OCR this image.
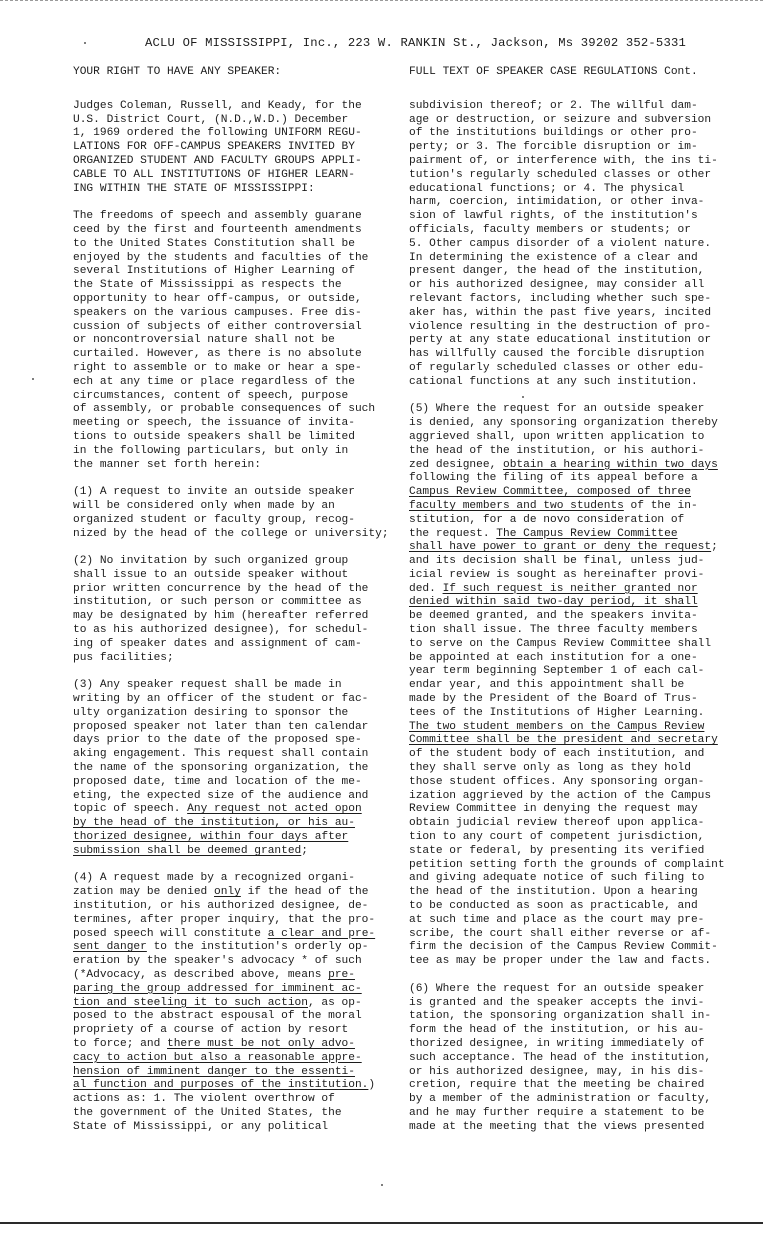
ACLU OF MISSISSIPPI, Inc., 223 W. RANKIN St., Jackson, Ms 39202 352-5331
YOUR RIGHT TO HAVE ANY SPEAKER:
Judges Coleman, Russell, and Keady, for the
U.S. District Court, (N.D.,W.D.) December
1, 1969 ordered the following UNIFORM REGU-
LATIONS FOR OFF-CAMPUS SPEAKERS INVITED BY
ORGANIZED STUDENT AND FACULTY GROUPS APPLI-
CABLE TO ALL INSTITUTIONS OF HIGHER LEARN-
ING WITHIN THE STATE OF MISSISSIPPI:
The freedoms of speech and assembly guarane
ceed by the first and fourteenth amendments
to the United States Constitution shall be
enjoyed by the students and faculties of the
several Institutions of Higher Learning of
the State of Mississippi as respects the
opportunity to hear off-campus, or outside,
speakers on the various campuses. Free dis-
cussion of subjects of either controversial
or noncontroversial nature shall not be
curtailed. However, as there is no absolute
right to assemble or to make or hear a spe-
ech at any time or place regardless of the
circumstances, content of speech, purpose
of assembly, or probable consequences of such
meeting or speech, the issuance of invita-
tions to outside speakers shall be limited
in the following particulars, but only in
the manner set forth herein:
(1) A request to invite an outside speaker
will be considered only when made by an
organized student or faculty group, recog-
nized by the head of the college or university;
(2) No invitation by such organized group
shall issue to an outside speaker without
prior written concurrence by the head of the
institution, or such person or committee as
may be designated by him (hereafter referred
to as his authorized designee), for schedul-
ing of speaker dates and assignment of cam-
pus facilities;
(3) Any speaker request shall be made in
writing by an officer of the student or fac-
ulty organization desiring to sponsor the
proposed speaker not later than ten calendar
days prior to the date of the proposed spe-
aking engagement. This request shall contain
the name of the sponsoring organization, the
proposed date, time and location of the me-
eting, the expected size of the audience and
topic of speech. Any request not acted opon
by the head of the institution, or his au-
thorized designee, within four days after
submission shall be deemed granted;
(4) A request made by a recognized organi-
zation may be denied only if the head of the
institution, or his authorized designee, de-
termines, after proper inquiry, that the pro-
posed speech will constitute a clear and pre-
sent danger to the institution's orderly op-
eration by the speaker's advocacy * of such
(*Advocacy, as described above, means pre-
paring the group addressed for imminent ac-
tion and steeling it to such action, as op-
posed to the abstract espousal of the moral
propriety of a course of action by resort
to force; and there must be not only advo-
cacy to action but also a reasonable appre-
hension of imminent danger to the essenti-
al function and purposes of the institution.)
actions as: 1. The violent overthrow of
the government of the United States, the
State of Mississippi, or any political
FULL TEXT OF SPEAKER CASE REGULATIONS Cont.
subdivision thereof; or 2. The willful dam-
age or destruction, or seizure and subversion
of the institutions buildings or other pro-
perty; or 3. The forcible disruption or im-
pairment of, or interference with, the ins ti-
tution's regularly scheduled classes or other
educational functions; or 4. The physical
harm, coercion, intimidation, or other inva-
sion of lawful rights, of the institution's
officials, faculty members or students; or
5. Other campus disorder of a violent nature.
In determining the existence of a clear and
present danger, the head of the institution,
or his authorized designee, may consider all
relevant factors, including whether such spe-
aker has, within the past five years, incited
violence resulting in the destruction of pro-
perty at any state educational institution or
has willfully caused the forcible disruption
of regularly scheduled classes or other edu-
cational functions at any such institution.
(5) Where the request for an outside speaker
is denied, any sponsoring organization thereby
aggrieved shall, upon written application to
the head of the institution, or his authori-
zed designee, obtain a hearing within two days
following the filing of its appeal before a
Campus Review Committee, composed of three
faculty members and two students of the in-
stitution, for a de novo consideration of
the request. The Campus Review Committee
shall have power to grant or deny the request;
and its decision shall be final, unless jud-
icial review is sought as hereinafter provi-
ded. If such request is neither granted nor
denied within said two-day period, it shall
be deemed granted, and the speakers invita-
tion shall issue. The three faculty members
to serve on the Campus Review Committee shall
be appointed at each institution for a one-
year term beginning September 1 of each cal-
endar year, and this appointment shall be
made by the President of the Board of Trus-
tees of the Institutions of Higher Learning.
The two student members on the Campus Review
Committee shall be the president and secretary
of the student body of each institution, and
they shall serve only as long as they hold
those student offices. Any sponsoring organ-
ization aggrieved by the action of the Campus
Review Committee in denying the request may
obtain judicial review thereof upon applica-
tion to any court of competent jurisdiction,
state or federal, by presenting its verified
petition setting forth the grounds of complaint
and giving adequate notice of such filing to
the head of the institution. Upon a hearing
to be conducted as soon as practicable, and
at such time and place as the court may pre-
scribe, the court shall either reverse or af-
firm the decision of the Campus Review Commit-
tee as may be proper under the law and facts.
(6) Where the request for an outside speaker
is granted and the speaker accepts the invi-
tation, the sponsoring organization shall in-
form the head of the institution, or his au-
thorized designee, in writing immediately of
such acceptance. The head of the institution,
or his authorized designee, may, in his dis-
cretion, require that the meeting be chaired
by a member of the administration or faculty,
and he may further require a statement to be
made at the meeting that the views presented
